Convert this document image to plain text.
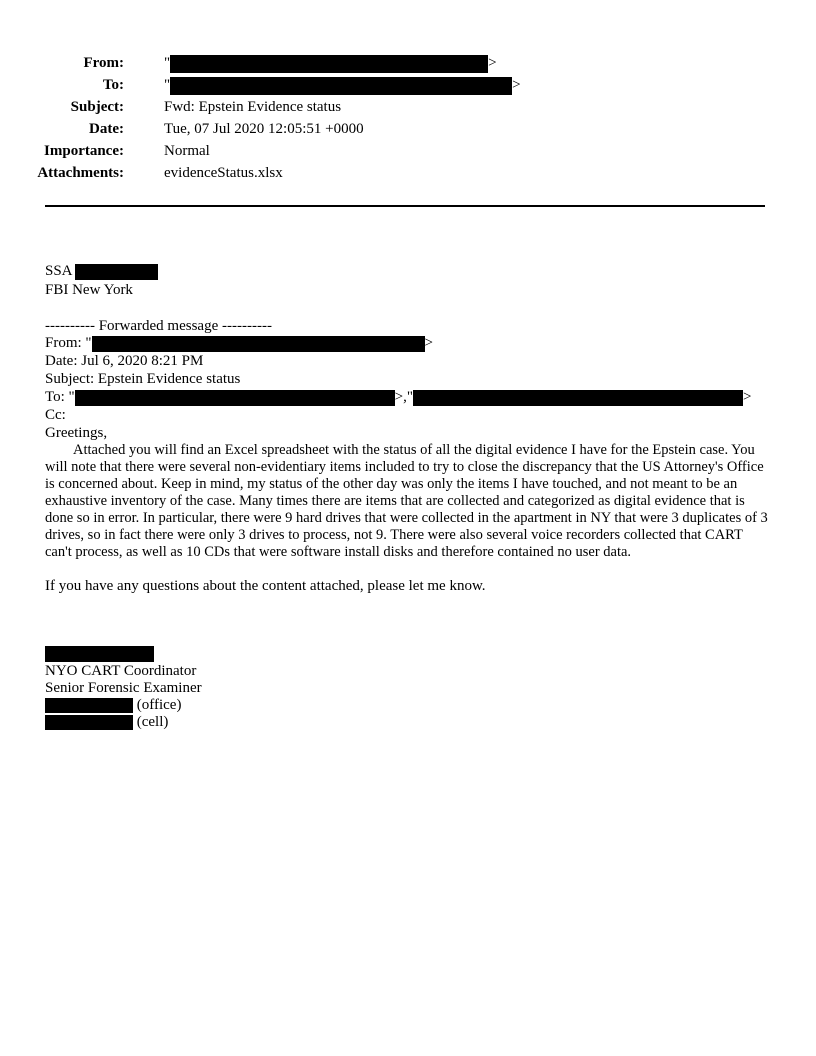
From:	"	>
To:	"	>
Subject:	Fwd: Epstein Evidence status
Date:	Tue, 07 Jul 2020 12:05:51 +0000
Importance:	Normal
Attachments:	evidenceStatus.xlsx
SSA
FBI New York
---------- Forwarded message ----------
From: "	>
Date: Jul 6, 2020 8:21 PM
Subject: Epstein Evidence status
To: "	>,"	>
Cc:
Greetings,
Attached you will find an Excel spreadsheet with the status of all the digital evidence I have for the Epstein case. You will note that there were several non-evidentiary items included to try to close the discrepancy that the US Attorney's Office is concerned about. Keep in mind, my status of the other day was only the items I have touched, and not meant to be an exhaustive inventory of the case. Many times there are items that are collected and categorized as digital evidence that is done so in error. In particular, there were 9 hard drives that were collected in the apartment in NY that were 3 duplicates of 3 drives, so in fact there were only 3 drives to process, not 9. There were also several voice recorders collected that CART can't process, as well as 10 CDs that were software install disks and therefore contained no user data.
If you have any questions about the content attached, please let me know.
NYO CART Coordinator
Senior Forensic Examiner
(office)
(cell)
